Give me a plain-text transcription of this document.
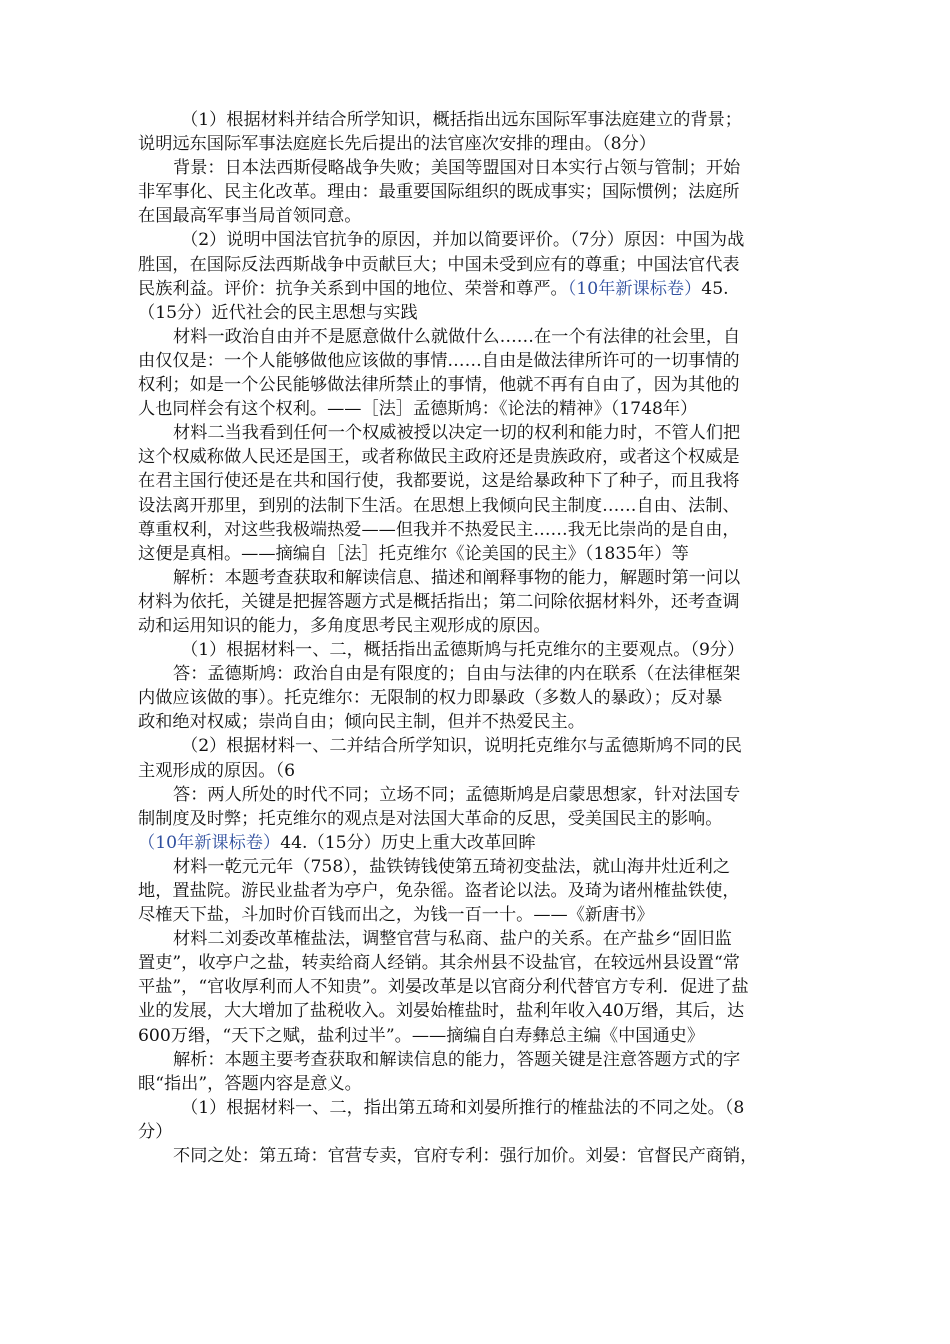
（1）根据材料并结合所学知识，概括指出远东国际军事法庭建立的背景；
说明远东国际军事法庭庭长先后提出的法官座次安排的理由。（8分）
背景：日本法西斯侵略战争失败；美国等盟国对日本实行占领与管制；开始
非军事化、民主化改革。理由：最重要国际组织的既成事实；国际惯例；法庭所
在国最高军事当局首领同意。
（2）说明中国法官抗争的原因，并加以简要评价。（7分）原因：中国为战
胜国，在国际反法西斯战争中贡献巨大；中国未受到应有的尊重；中国法官代表
民族利益。评价：抗争关系到中国的地位、荣誉和尊严。（10年新课标卷）45.
（15分）近代社会的民主思想与实践
材料一政治自由并不是愿意做什么就做什么……在一个有法律的社会里，自
由仅仅是：一个人能够做他应该做的事情……自由是做法律所许可的一切事情的
权利；如是一个公民能够做法律所禁止的事情，他就不再有自由了，因为其他的
人也同样会有这个权利。——［法］孟德斯鸠：《论法的精神》（1748年）
材料二当我看到任何一个权威被授以决定一切的权利和能力时，不管人们把
这个权威称做人民还是国王，或者称做民主政府还是贵族政府，或者这个权威是
在君主国行使还是在共和国行使，我都要说，这是给暴政种下了种子，而且我将
设法离开那里，到别的法制下生活。在思想上我倾向民主制度……自由、法制、
尊重权利，对这些我极端热爱——但我并不热爱民主……我无比崇尚的是自由，
这便是真相。——摘编自［法］托克维尔《论美国的民主》（1835年）等
解析：本题考查获取和解读信息、描述和阐释事物的能力，解题时第一问以
材料为依托，关键是把握答题方式是概括指出；第二问除依据材料外，还考查调
动和运用知识的能力，多角度思考民主观形成的原因。
（1）根据材料一、二，概括指出孟德斯鸠与托克维尔的主要观点。（9分）
答：孟德斯鸠：政治自由是有限度的；自由与法律的内在联系（在法律框架
内做应该做的事）。托克维尔：无限制的权力即暴政（多数人的暴政）；反对暴
政和绝对权威；崇尚自由；倾向民主制，但并不热爱民主。
（2）根据材料一、二并结合所学知识，说明托克维尔与孟德斯鸠不同的民
主观形成的原因。（6
答：两人所处的时代不同；立场不同；孟德斯鸠是启蒙思想家，针对法国专
制制度及时弊；托克维尔的观点是对法国大革命的反思，受美国民主的影响。
（10年新课标卷）44.（15分）历史上重大改革回眸
材料一乾元元年（758），盐铁铸钱使第五琦初变盐法，就山海井灶近利之
地，置盐院。游民业盐者为亭户，免杂徭。盗者论以法。及琦为诸州榷盐铁使，
尽榷天下盐，斗加时价百钱而出之，为钱一百一十。——《新唐书》
材料二刘委改革榷盐法，调整官营与私商、盐户的关系。在产盐乡“固旧监
置吏”，收亭户之盐，转卖给商人经销。其余州县不设盐官，在较远州县设置“常
平盐”，“官收厚利而人不知贵”。刘晏改革是以官商分利代替官方专利．促进了盐
业的发展，大大增加了盐税收入。刘晏始榷盐时，盐利年收入40万缗，其后，达
600万缗，“天下之赋，盐利过半”。——摘编自白寿彝总主编《中国通史》
解析：本题主要考查获取和解读信息的能力，答题关键是注意答题方式的字
眼“指出”，答题内容是意义。
（1）根据材料一、二，指出第五琦和刘晏所推行的榷盐法的不同之处。（8
分）
不同之处：第五琦：官营专卖，官府专利：强行加价。刘晏：官督民产商销，
